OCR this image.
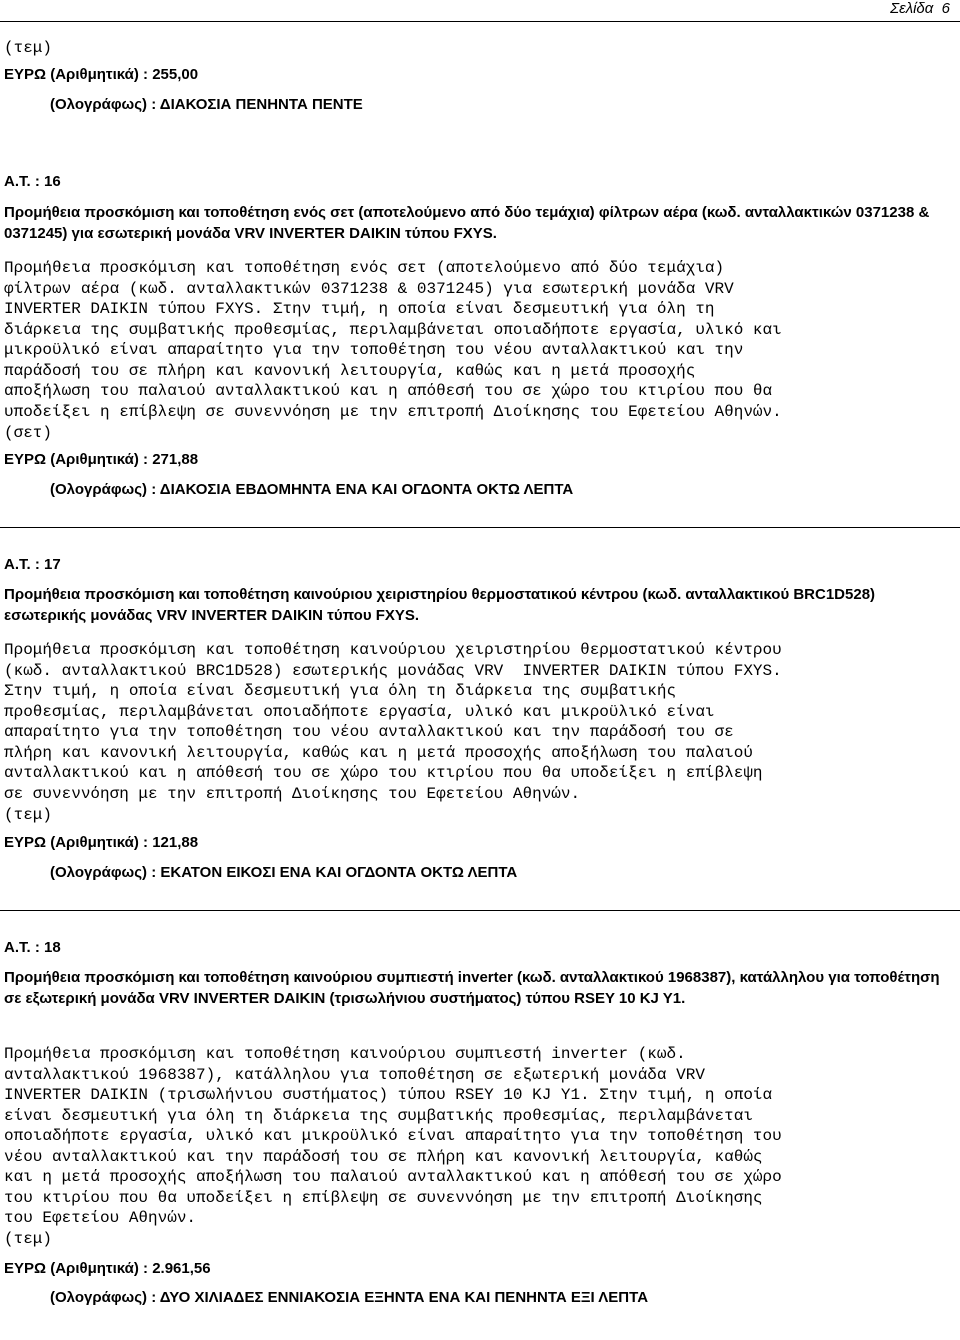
Σελίδα  6

(τεμ)

ΕΥΡΩ (Αριθμητικά) : 255,00
(Ολογράφως) : ΔΙΑΚΟΣΙΑ ΠΕΝΗΝΤΑ ΠΕΝΤΕ
Α.Τ. : 16

Προμήθεια προσκόμιση και τοποθέτηση ενός σετ (αποτελούμενο από δύο τεμάχια) φίλτρων αέρα (κωδ. ανταλλακτικών 0371238 & 0371245) για εσωτερική μονάδα VRV INVERTER DAIKIN τύπου FXYS.

Προμήθεια προσκόμιση και τοποθέτηση ενός σετ (αποτελούμενο από δύο τεμάχια)
φίλτρων αέρα (κωδ. ανταλλακτικών 0371238 & 0371245) για εσωτερική μονάδα VRV
INVERTER DAIKIN τύπου FXYS. Στην τιμή, η οποία είναι δεσμευτική για όλη τη
διάρκεια της συμβατικής προθεσμίας, περιλαμβάνεται οποιαδήποτε εργασία, υλικό και
μικροϋλικό είναι απαραίτητο για την τοποθέτηση του νέου ανταλλακτικού και την
παράδοσή του σε πλήρη και κανονική λειτουργία, καθώς και η μετά προσοχής
αποξήλωση του παλαιού ανταλλακτικού και η απόθεσή του σε χώρο του κτιρίου που θα
υποδείξει η επίβλεψη σε συνεννόηση με την επιτροπή Διοίκησης του Εφετείου Αθηνών.

(σετ)

ΕΥΡΩ (Αριθμητικά) : 271,88
(Ολογράφως) : ΔΙΑΚΟΣΙΑ ΕΒΔΟΜΗΝΤΑ ΕΝΑ ΚΑΙ ΟΓΔΟΝΤΑ ΟΚΤΩ ΛΕΠΤΑ
Α.Τ. : 17

Προμήθεια προσκόμιση και τοποθέτηση καινούριου χειριστηρίου θερμοστατικού κέντρου (κωδ. ανταλλακτικού BRC1D528) εσωτερικής μονάδας VRV INVERTER DAIKIN τύπου FXYS.

Προμήθεια προσκόμιση και τοποθέτηση καινούριου χειριστηρίου θερμοστατικού κέντρου
(κωδ. ανταλλακτικού BRC1D528) εσωτερικής μονάδας VRV  INVERTER DAIKIN τύπου FXYS.
Στην τιμή, η οποία είναι δεσμευτική για όλη τη διάρκεια της συμβατικής
προθεσμίας, περιλαμβάνεται οποιαδήποτε εργασία, υλικό και μικροϋλικό είναι
απαραίτητο για την τοποθέτηση του νέου ανταλλακτικού και την παράδοσή του σε
πλήρη και κανονική λειτουργία, καθώς και η μετά προσοχής αποξήλωση του παλαιού
ανταλλακτικού και η απόθεσή του σε χώρο του κτιρίου που θα υποδείξει η επίβλεψη
σε συνεννόηση με την επιτροπή Διοίκησης του Εφετείου Αθηνών.

(τεμ)

ΕΥΡΩ (Αριθμητικά) : 121,88
(Ολογράφως) : ΕΚΑΤΟΝ ΕΙΚΟΣΙ ΕΝΑ ΚΑΙ ΟΓΔΟΝΤΑ ΟΚΤΩ ΛΕΠΤΑ
Α.Τ. : 18

Προμήθεια προσκόμιση και τοποθέτηση καινούριου συμπιεστή inverter (κωδ. ανταλλακτικού 1968387), κατάλληλου για τοποθέτηση σε εξωτερική μονάδα VRV INVERTER DAIKIN (τρισωλήνιου συστήματος) τύπου RSEY 10 KJ Y1.

Προμήθεια προσκόμιση και τοποθέτηση καινούριου συμπιεστή inverter (κωδ.
ανταλλακτικού 1968387), κατάλληλου για τοποθέτηση σε εξωτερική μονάδα VRV
INVERTER DAIKIN (τρισωλήνιου συστήματος) τύπου RSEY 10 KJ Y1. Στην τιμή, η οποία
είναι δεσμευτική για όλη τη διάρκεια της συμβατικής προθεσμίας, περιλαμβάνεται
οποιαδήποτε εργασία, υλικό και μικροϋλικό είναι απαραίτητο για την τοποθέτηση του
νέου ανταλλακτικού και την παράδοσή του σε πλήρη και κανονική λειτουργία, καθώς
και η μετά προσοχής αποξήλωση του παλαιού ανταλλακτικού και η απόθεσή του σε χώρο
του κτιρίου που θα υποδείξει η επίβλεψη σε συνεννόηση με την επιτροπή Διοίκησης
του Εφετείου Αθηνών.

(τεμ)

ΕΥΡΩ (Αριθμητικά) : 2.961,56
(Ολογράφως) : ΔΥΟ ΧΙΛΙΑΔΕΣ ΕΝΝΙΑΚΟΣΙΑ ΕΞΗΝΤΑ ΕΝΑ ΚΑΙ ΠΕΝΗΝΤΑ ΕΞΙ ΛΕΠΤΑ
